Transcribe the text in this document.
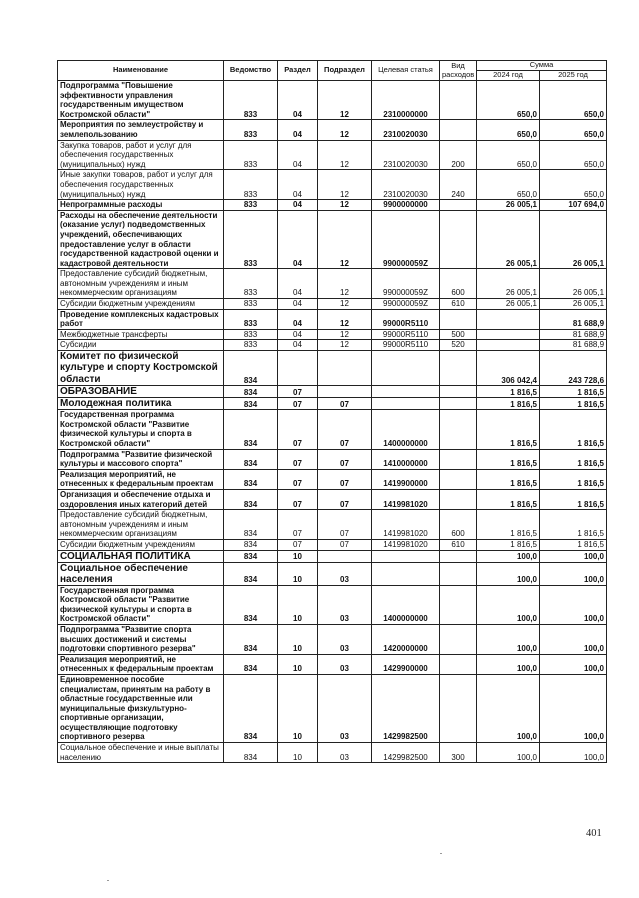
Наименование	Ведомство	Раздел	Подраздел	Целевая статья	Вид расходов	Сумма	
						2024 год	2025 год
Подпрограмма "Повышение эффективности управления государственным имуществом Костромской области"	833	04	12	2310000000		650,0	650,0
Мероприятия по землеустройству и землепользованию	833	04	12	2310020030		650,0	650,0
Закупка товаров, работ и услуг для обеспечения государственных (муниципальных) нужд	833	04	12	2310020030	200	650,0	650,0
Иные закупки товаров, работ и услуг для обеспечения государственных (муниципальных) нужд	833	04	12	2310020030	240	650,0	650,0
Непрограммные расходы	833	04	12	9900000000		26 005,1	107 694,0
Расходы на обеспечение деятельности (оказание услуг) подведомственных учреждений, обеспечивающих предоставление услуг в области государственной кадастровой оценки и кадастровой деятельности	833	04	12	990000059Z		26 005,1	26 005,1
Предоставление субсидий бюджетным, автономным учреждениям и иным некоммерческим организациям	833	04	12	990000059Z	600	26 005,1	26 005,1
Субсидии бюджетным учреждениям	833	04	12	990000059Z	610	26 005,1	26 005,1
Проведение комплексных кадастровых работ	833	04	12	99000R5110			81 688,9
Межбюджетные трансферты	833	04	12	99000R5110	500		81 688,9
Субсидии	833	04	12	99000R5110	520		81 688,9
Комитет по физической культуре и спорту Костромской области	834					306 042,4	243 728,6
ОБРАЗОВАНИЕ	834	07				1 816,5	1 816,5
Молодежная политика	834	07	07			1 816,5	1 816,5
Государственная программа Костромской области "Развитие физической культуры и спорта в Костромской области"	834	07	07	1400000000		1 816,5	1 816,5
Подпрограмма "Развитие физической культуры и массового спорта"	834	07	07	1410000000		1 816,5	1 816,5
Реализация мероприятий, не отнесенных к федеральным проектам	834	07	07	1419900000		1 816,5	1 816,5
Организация и обеспечение отдыха и оздоровления иных категорий детей	834	07	07	1419981020		1 816,5	1 816,5
Предоставление субсидий бюджетным, автономным учреждениям и иным некоммерческим организациям	834	07	07	1419981020	600	1 816,5	1 816,5
Субсидии бюджетным учреждениям	834	07	07	1419981020	610	1 816,5	1 816,5
СОЦИАЛЬНАЯ ПОЛИТИКА	834	10				100,0	100,0
Социальное обеспечение населения	834	10	03			100,0	100,0
Государственная программа Костромской области "Развитие физической культуры и спорта в Костромской области"	834	10	03	1400000000		100,0	100,0
Подпрограмма "Развитие спорта высших достижений и системы подготовки спортивного резерва"	834	10	03	1420000000		100,0	100,0
Реализация мероприятий, не отнесенных к федеральным проектам	834	10	03	1429900000		100,0	100,0
Единовременное пособие специалистам, принятым на работу в областные государственные или муниципальные физкультурно-спортивные организации, осуществляющие подготовку спортивного резерва	834	10	03	1429982500		100,0	100,0
Социальное обеспечение и иные выплаты населению	834	10	03	1429982500	300	100,0	100,0
401
